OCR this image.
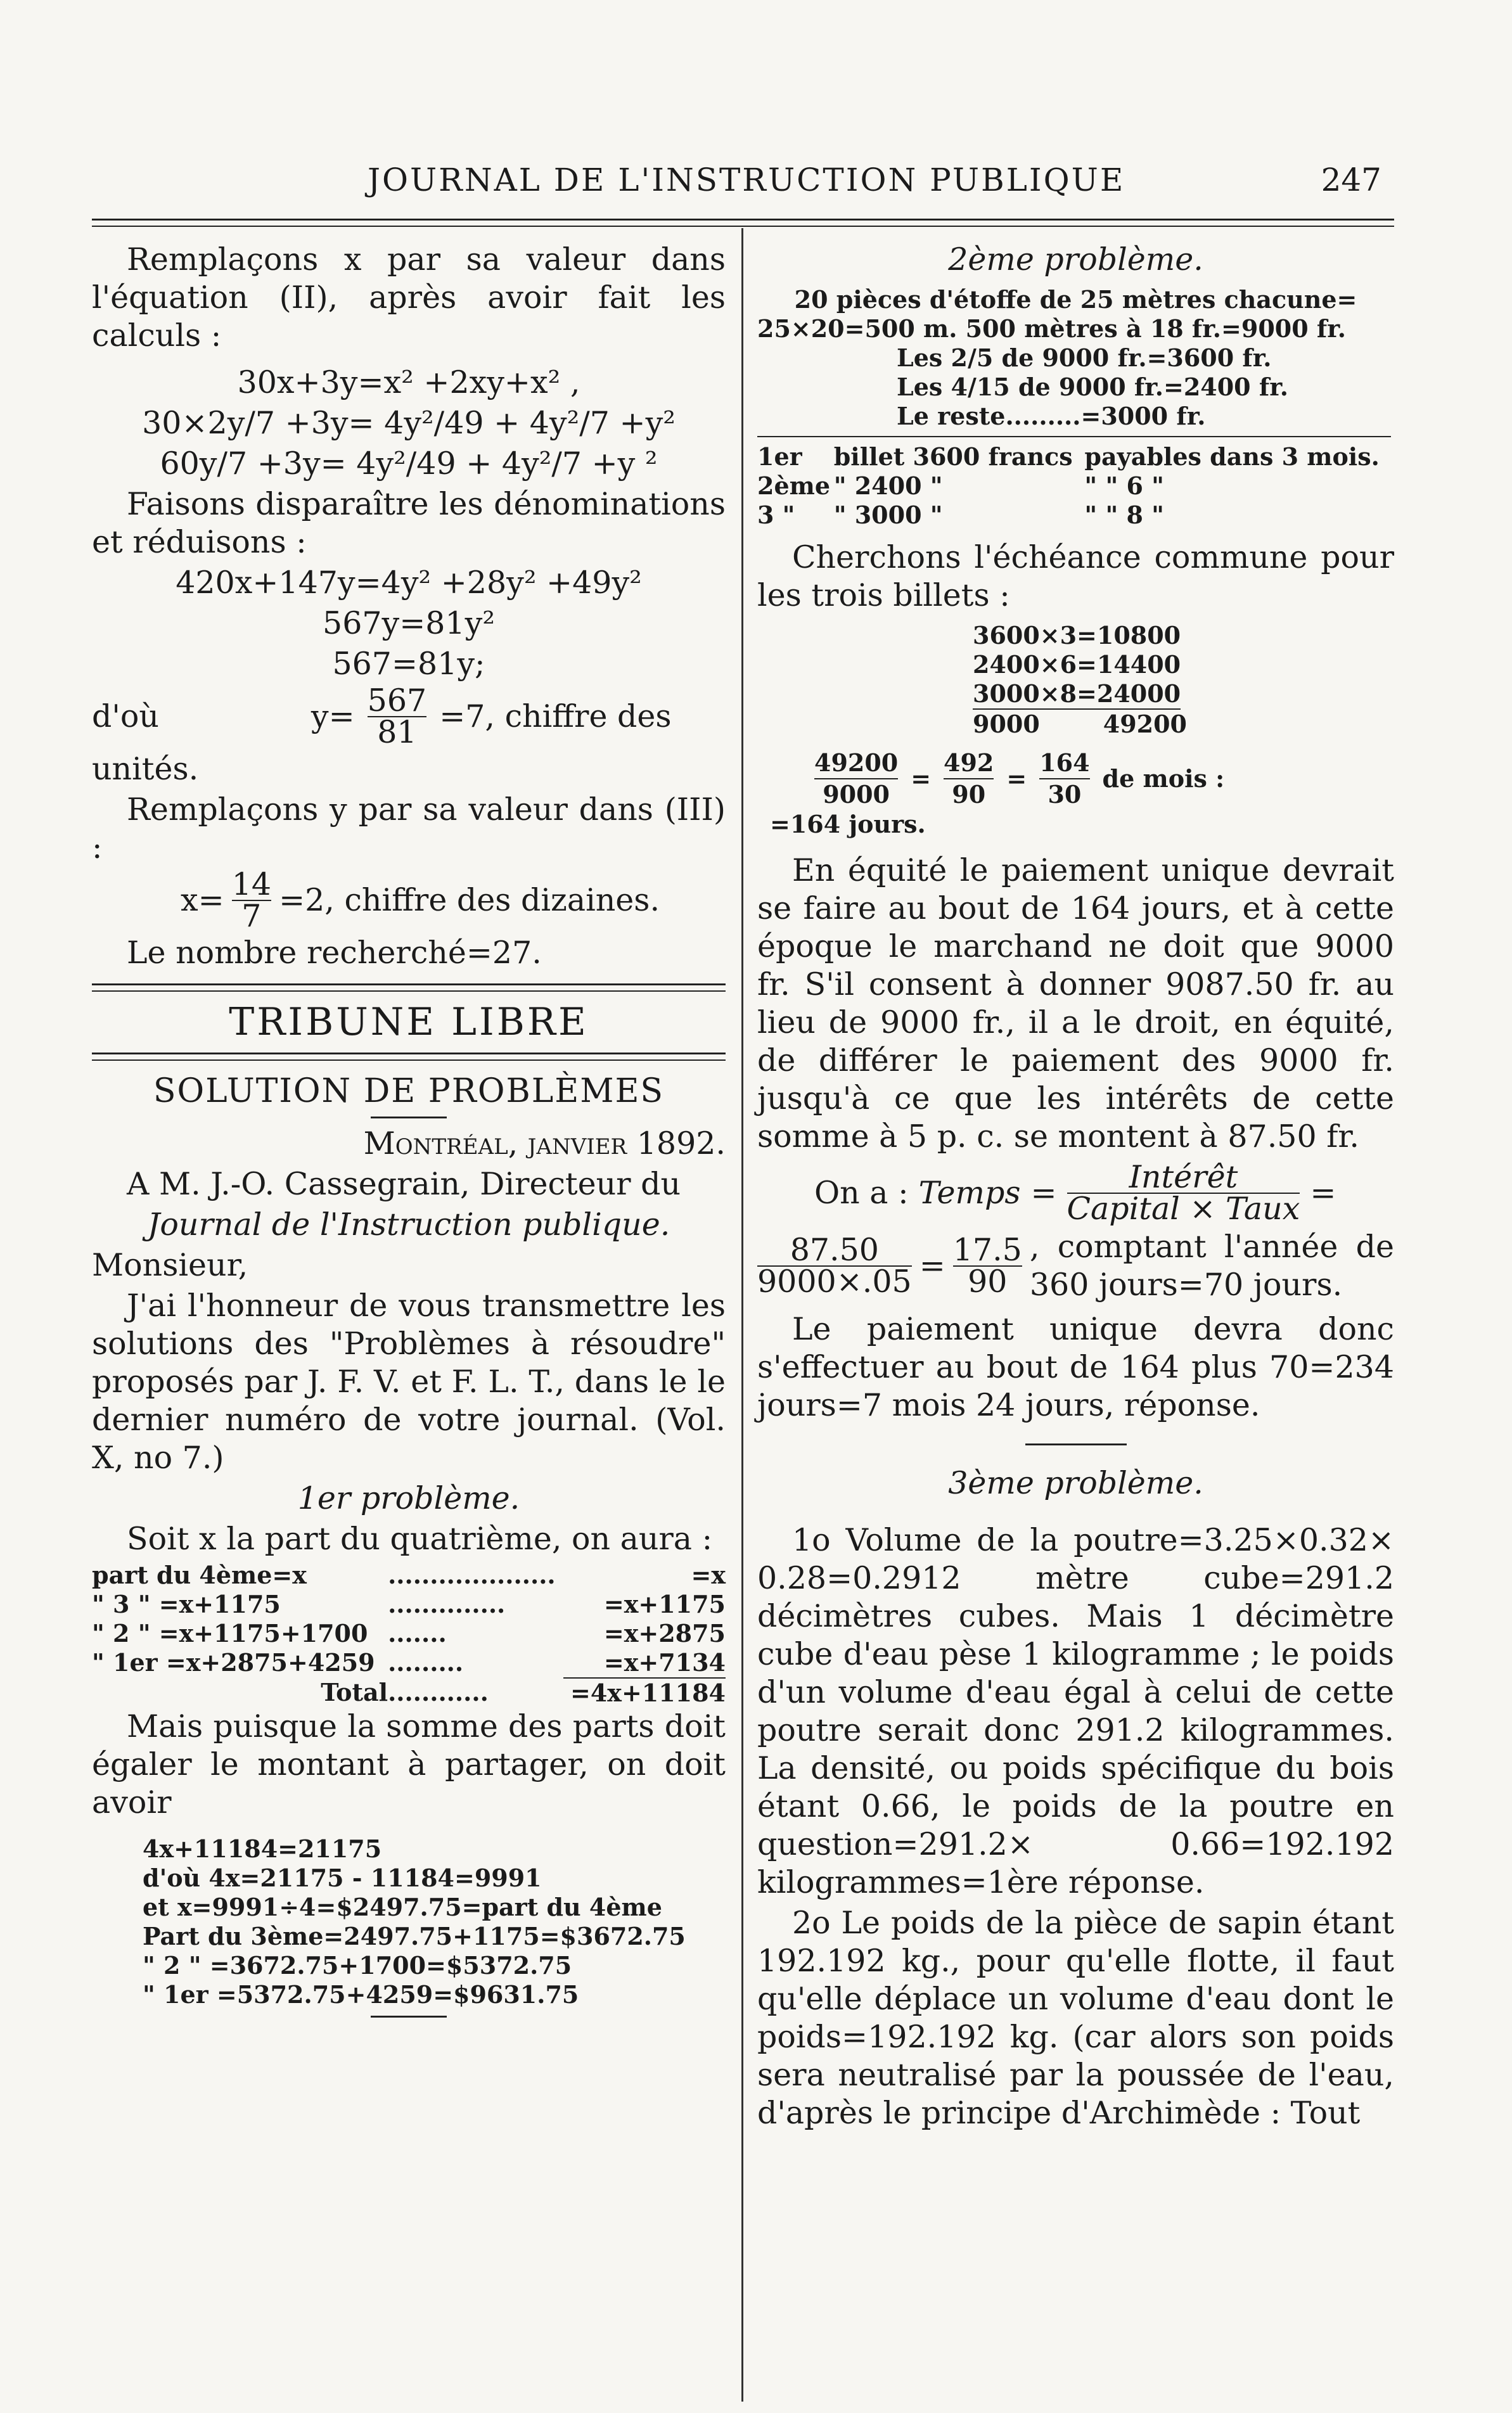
JOURNAL DE L'INSTRUCTION PUBLIQUE	247

Remplaçons x par sa valeur dans l'équation (II), après avoir fait les calculs :

30x+3y=x² +2xy+x² ,

30×2y/7 +3y= 4y²/49 + 4y²/7 +y²

60y/7 +3y= 4y²/49 + 4y²/7 +y ²

Faisons disparaître les dénominations et réduisons :

420x+147y=4y² +28y² +49y²

567y=81y²

567=81y;

d'où	$y= \frac{567}{81} =7$, chiffre des

unités.

Remplaçons y par sa valeur dans (III) :

$x= \frac{14}{7} =2$, chiffre des dizaines.

Le nombre recherché=27.

TRIBUNE LIBRE

SOLUTION DE PROBLÈMES

Montréal, janvier 1892.

A M. J.-O. Cassegrain, Directeur du

Journal de l'Instruction publique.

Monsieur,

J'ai l'honneur de vous transmettre les solutions des "Problèmes à résoudre" proposés par J. F. V. et F. L. T., dans le le dernier numéro de votre journal. (Vol. X, no 7.)

1er problème.

Soit x la part du quatrième, on aura :

part du 4ème=x	....................	=x
" 3 " =x+1175	..............	=x+1175
" 2 " =x+1175+1700	.......	=x+2875
" 1er =x+2875+4259	.........	=x+7134
Total	............	=4x+11184

Mais puisque la somme des parts doit égaler le montant à partager, on doit avoir

4x+11184=21175
d'où 4x=21175 - 11184=9991
et x=9991÷4=$2497.75=part du 4ème
Part du 3ème=2497.75+1175=$3672.75
" 2 " =3672.75+1700=$5372.75
" 1er =5372.75+4259=$9631.75

2ème problème.

20 pièces d'étoffe de 25 mètres chacune=
25×20=500 m. 500 mètres à 18 fr.=9000 fr.
Les 2/5 de 9000 fr.=3600 fr.
Les 4/15 de 9000 fr.=2400 fr.
Le reste.........=3000 fr.
1er	billet 3600 francs	payables dans 3 mois.
2ème	" 2400 "	" " 6 "
3 "	" 3000 "	" " 8 "

Cherchons l'échéance commune pour les trois billets :

3600×3=10800
2400×6=14400
3000×8=24000
9000	49200
$\frac{49200}{9000} = \frac{492}{90} = \frac{164}{30}$ de mois :
=164 jours.

En équité le paiement unique devrait se faire au bout de 164 jours, et à cette époque le marchand ne doit que 9000 fr. S'il consent à donner 9087.50 fr. au lieu de 9000 fr., il a le droit, en équité, de différer le paiement des 9000 fr. jusqu'à ce que les intérêts de cette somme à 5 p. c. se montent à 87.50 fr.

On a : Temps = $\frac{\text{Intérêt}}{\text{Capital × Taux}}$ =
$\frac{87.50}{9000\times.05} = \frac{17.5}{90}$ , comptant l'année de 360 jours=70 jours.

Le paiement unique devra donc s'effectuer au bout de 164 plus 70=234 jours=7 mois 24 jours, réponse.

3ème problème.

1o Volume de la poutre=3.25×0.32× 0.28=0.2912 mètre cube=291.2 décimètres cubes. Mais 1 décimètre cube d'eau pèse 1 kilogramme ; le poids d'un volume d'eau égal à celui de cette poutre serait donc 291.2 kilogrammes. La densité, ou poids spécifique du bois étant 0.66, le poids de la poutre en question=291.2× 0.66=192.192 kilogrammes=1ère réponse.

2o Le poids de la pièce de sapin étant 192.192 kg., pour qu'elle flotte, il faut qu'elle déplace un volume d'eau dont le poids=192.192 kg. (car alors son poids sera neutralisé par la poussée de l'eau, d'après le principe d'Archimède : Tout
